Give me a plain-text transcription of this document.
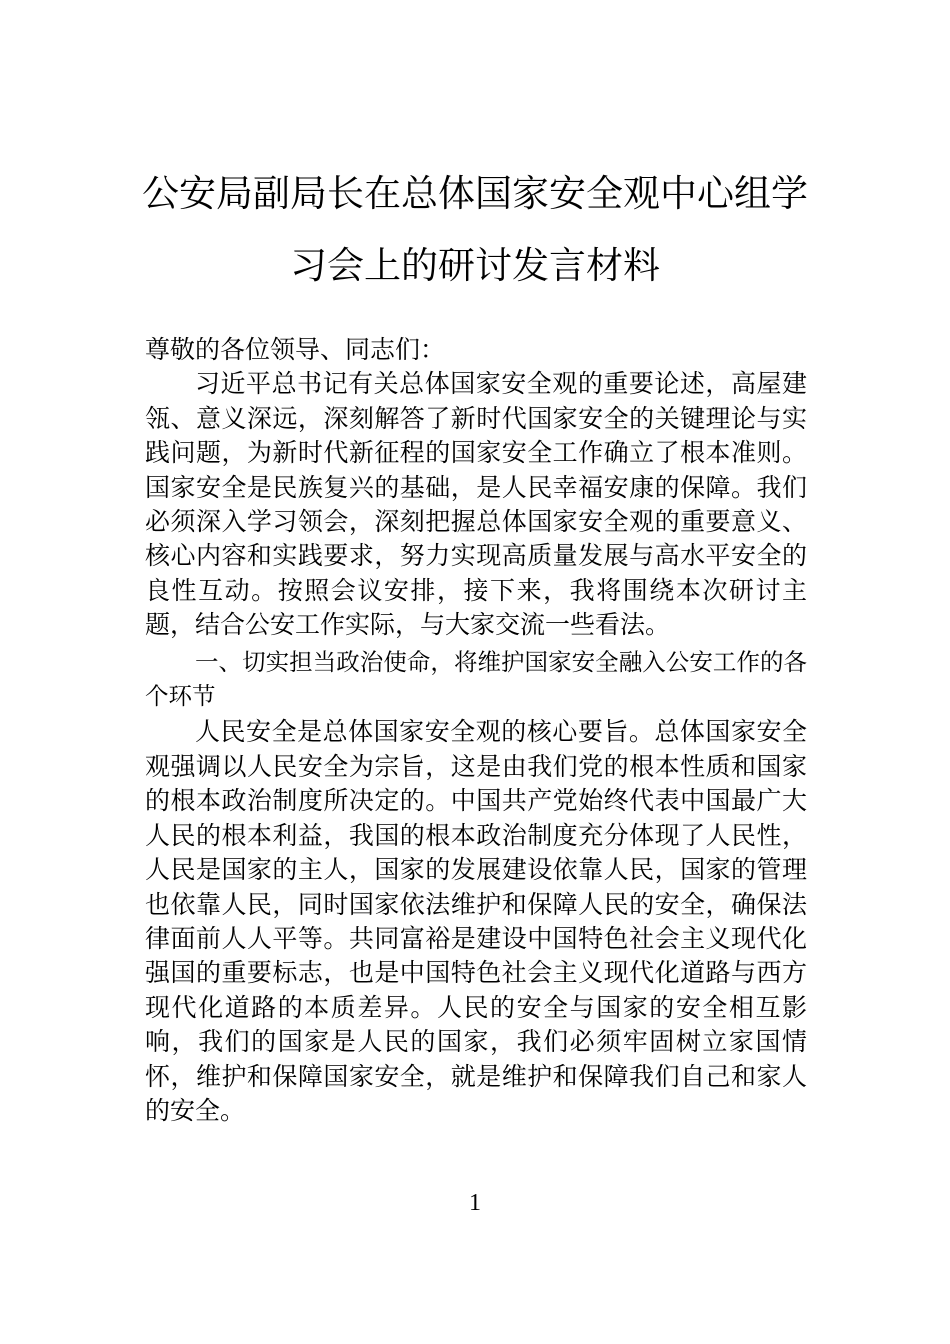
公安局副局长在总体国家安全观中心组学
习会上的研讨发言材料

尊敬的各位领导、同志们：

习近平总书记有关总体国家安全观的重要论述，高屋建瓴、意义深远，深刻解答了新时代国家安全的关键理论与实践问题，为新时代新征程的国家安全工作确立了根本准则。国家安全是民族复兴的基础，是人民幸福安康的保障。我们必须深入学习领会，深刻把握总体国家安全观的重要意义、核心内容和实践要求，努力实现高质量发展与高水平安全的良性互动。按照会议安排，接下来，我将围绕本次研讨主题，结合公安工作实际，与大家交流一些看法。

一、切实担当政治使命，将维护国家安全融入公安工作的各个环节

人民安全是总体国家安全观的核心要旨。总体国家安全观强调以人民安全为宗旨，这是由我们党的根本性质和国家的根本政治制度所决定的。中国共产党始终代表中国最广大人民的根本利益，我国的根本政治制度充分体现了人民性，人民是国家的主人，国家的发展建设依靠人民，国家的管理也依靠人民，同时国家依法维护和保障人民的安全，确保法律面前人人平等。共同富裕是建设中国特色社会主义现代化强国的重要标志，也是中国特色社会主义现代化道路与西方现代化道路的本质差异。人民的安全与国家的安全相互影响，我们的国家是人民的国家，我们必须牢固树立家国情怀，维护和保障国家安全，就是维护和保障我们自己和家人的安全。

1
